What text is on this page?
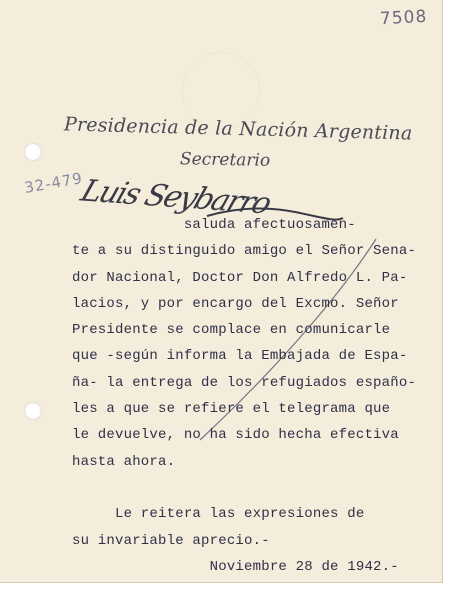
7508
32-479
Presidencia de la Nación Argentina
Secretario
Luis Seybarro

saluda afectuosamen-

te a su distinguido amigo el Señor Sena-

dor Nacional, Doctor Don Alfredo L. Pa-

lacios, y por encargo del Excmo. Señor

Presidente se complace en comunicarle

que -según informa la Embajada de Espa-

ña- la entrega de los refugiados españo-

les a que se refiere el telegrama que

le devuelve, no ha sido hecha efectiva

hasta ahora.

Le reitera las expresiones de

su invariable aprecio.-

Noviembre 28 de 1942.-
